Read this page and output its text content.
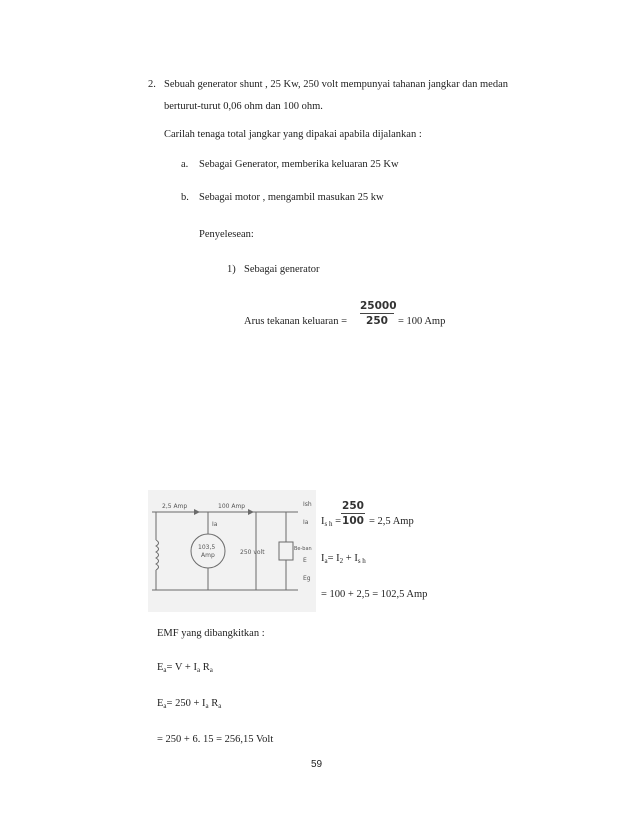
2. Sebuah generator shunt , 25 Kw, 250 volt mempunyai tahanan jangkar dan medan
berturut-turut 0,06 ohm dan 100 ohm.
Carilah tenaga total jangkar yang dipakai apabila dijalankan :
a. Sebagai Generator, memberika keluaran 25 Kw
b. Sebagai motor , mengambil masukan 25 kw
Penyelesean:
1) Sebagai generator
Arus tekanan keluaran =
25000
250 = 100 Amp
2,5 Amp	100 Amp
Ia
103,5
Amp	250 volt	Be-ban
Ish
Ia
E
Eg
$I_{s h}$ =
250
100 = 2,5 Amp
$I_a= I_2 + I_{s h}$
= 100 + 2,5 = 102,5 Amp
EMF yang dibangkitkan :
$E_a= V + I_a$ $R_a$
$E_a= 250 + I_a$ $R_a$
= 250 + 6. 15 = 256,15 Volt
59
